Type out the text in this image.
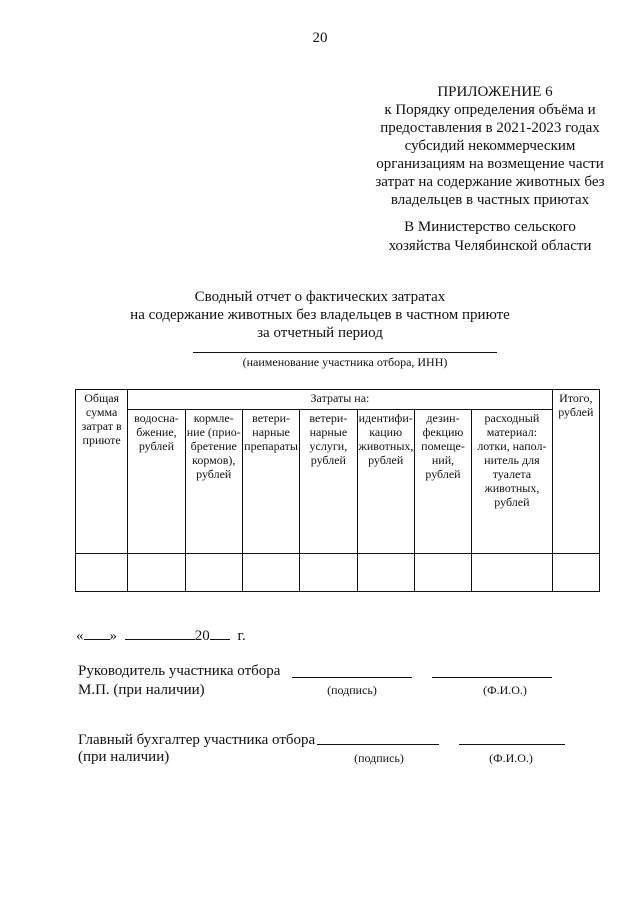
20
ПРИЛОЖЕНИЕ 6
к Порядку определения объёма и
предоставления в 2021-2023 годах
субсидий некоммерческим
организациям на возмещение части
затрат на содержание животных без
владельцев в частных приютах
В Министерство сельского
хозяйства Челябинской области
Сводный отчет о фактических затратах
на содержание животных без владельцев в частном приюте
за отчетный период
(наименование участника отбора, ИНН)
Общая сумма затрат в приюте	Затраты на:							Итого, рублей
	водосна-бжение, рублей	кормле-ние (прио-бретение кормов), рублей	ветери-нарные препараты	ветери-нарные услуги, рублей	идентифи-кацию животных, рублей	дезин-фекцию помеще-ний, рублей	расходный материал: лотки, напол-нитель для туалета животных, рублей	

« »	20 г.
Руководитель участника отбора
М.П. (при наличии)	(подпись)	(Ф.И.О.)
Главный бухгалтер участника отбора
(при наличии)	(подпись)	(Ф.И.О.)
